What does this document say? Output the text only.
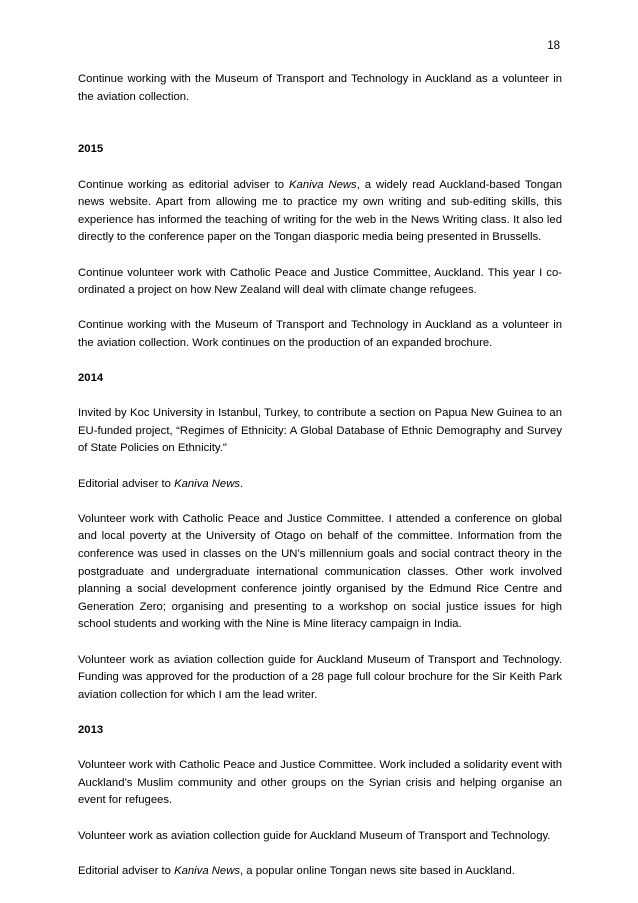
18

Continue working with the Museum of Transport and Technology in Auckland as a volunteer in the aviation collection.

2015

Continue working as editorial adviser to Kaniva News, a widely read Auckland-based Tongan news website. Apart from allowing me to practice my own writing and sub-editing skills, this experience has informed the teaching of writing for the web in the News Writing class. It also led directly to the conference paper on the Tongan diasporic media being presented in Brussells.

Continue volunteer work with Catholic Peace and Justice Committee, Auckland. This year I co-ordinated a project on how New Zealand will deal with climate change refugees.

Continue working with the Museum of Transport and Technology in Auckland as a volunteer in the aviation collection. Work continues on the production of an expanded brochure.

2014

Invited by Koc University in Istanbul, Turkey, to contribute a section on Papua New Guinea to an EU-funded project, “Regimes of Ethnicity: A Global Database of Ethnic Demography and Survey of State Policies on Ethnicity."

Editorial adviser to Kaniva News.

Volunteer work with Catholic Peace and Justice Committee. I attended a conference on global and local poverty at the University of Otago on behalf of the committee. Information from the conference was used in classes on the UN’s millennium goals and social contract theory in the postgraduate and undergraduate international communication classes. Other work involved planning a social development conference jointly organised by the Edmund Rice Centre and Generation Zero; organising and presenting to a workshop on social justice issues for high school students and working with the Nine is Mine literacy campaign in India.

Volunteer work as aviation collection guide for Auckland Museum of Transport and Technology. Funding was approved for the production of a 28 page full colour brochure for the Sir Keith Park aviation collection for which I am the lead writer.

2013

Volunteer work with Catholic Peace and Justice Committee. Work included a solidarity event with Auckland’s Muslim community and other groups on the Syrian crisis and helping organise an event for refugees.

Volunteer work as aviation collection guide for Auckland Museum of Transport and Technology.

Editorial adviser to Kaniva News, a popular online Tongan news site based in Auckland.
